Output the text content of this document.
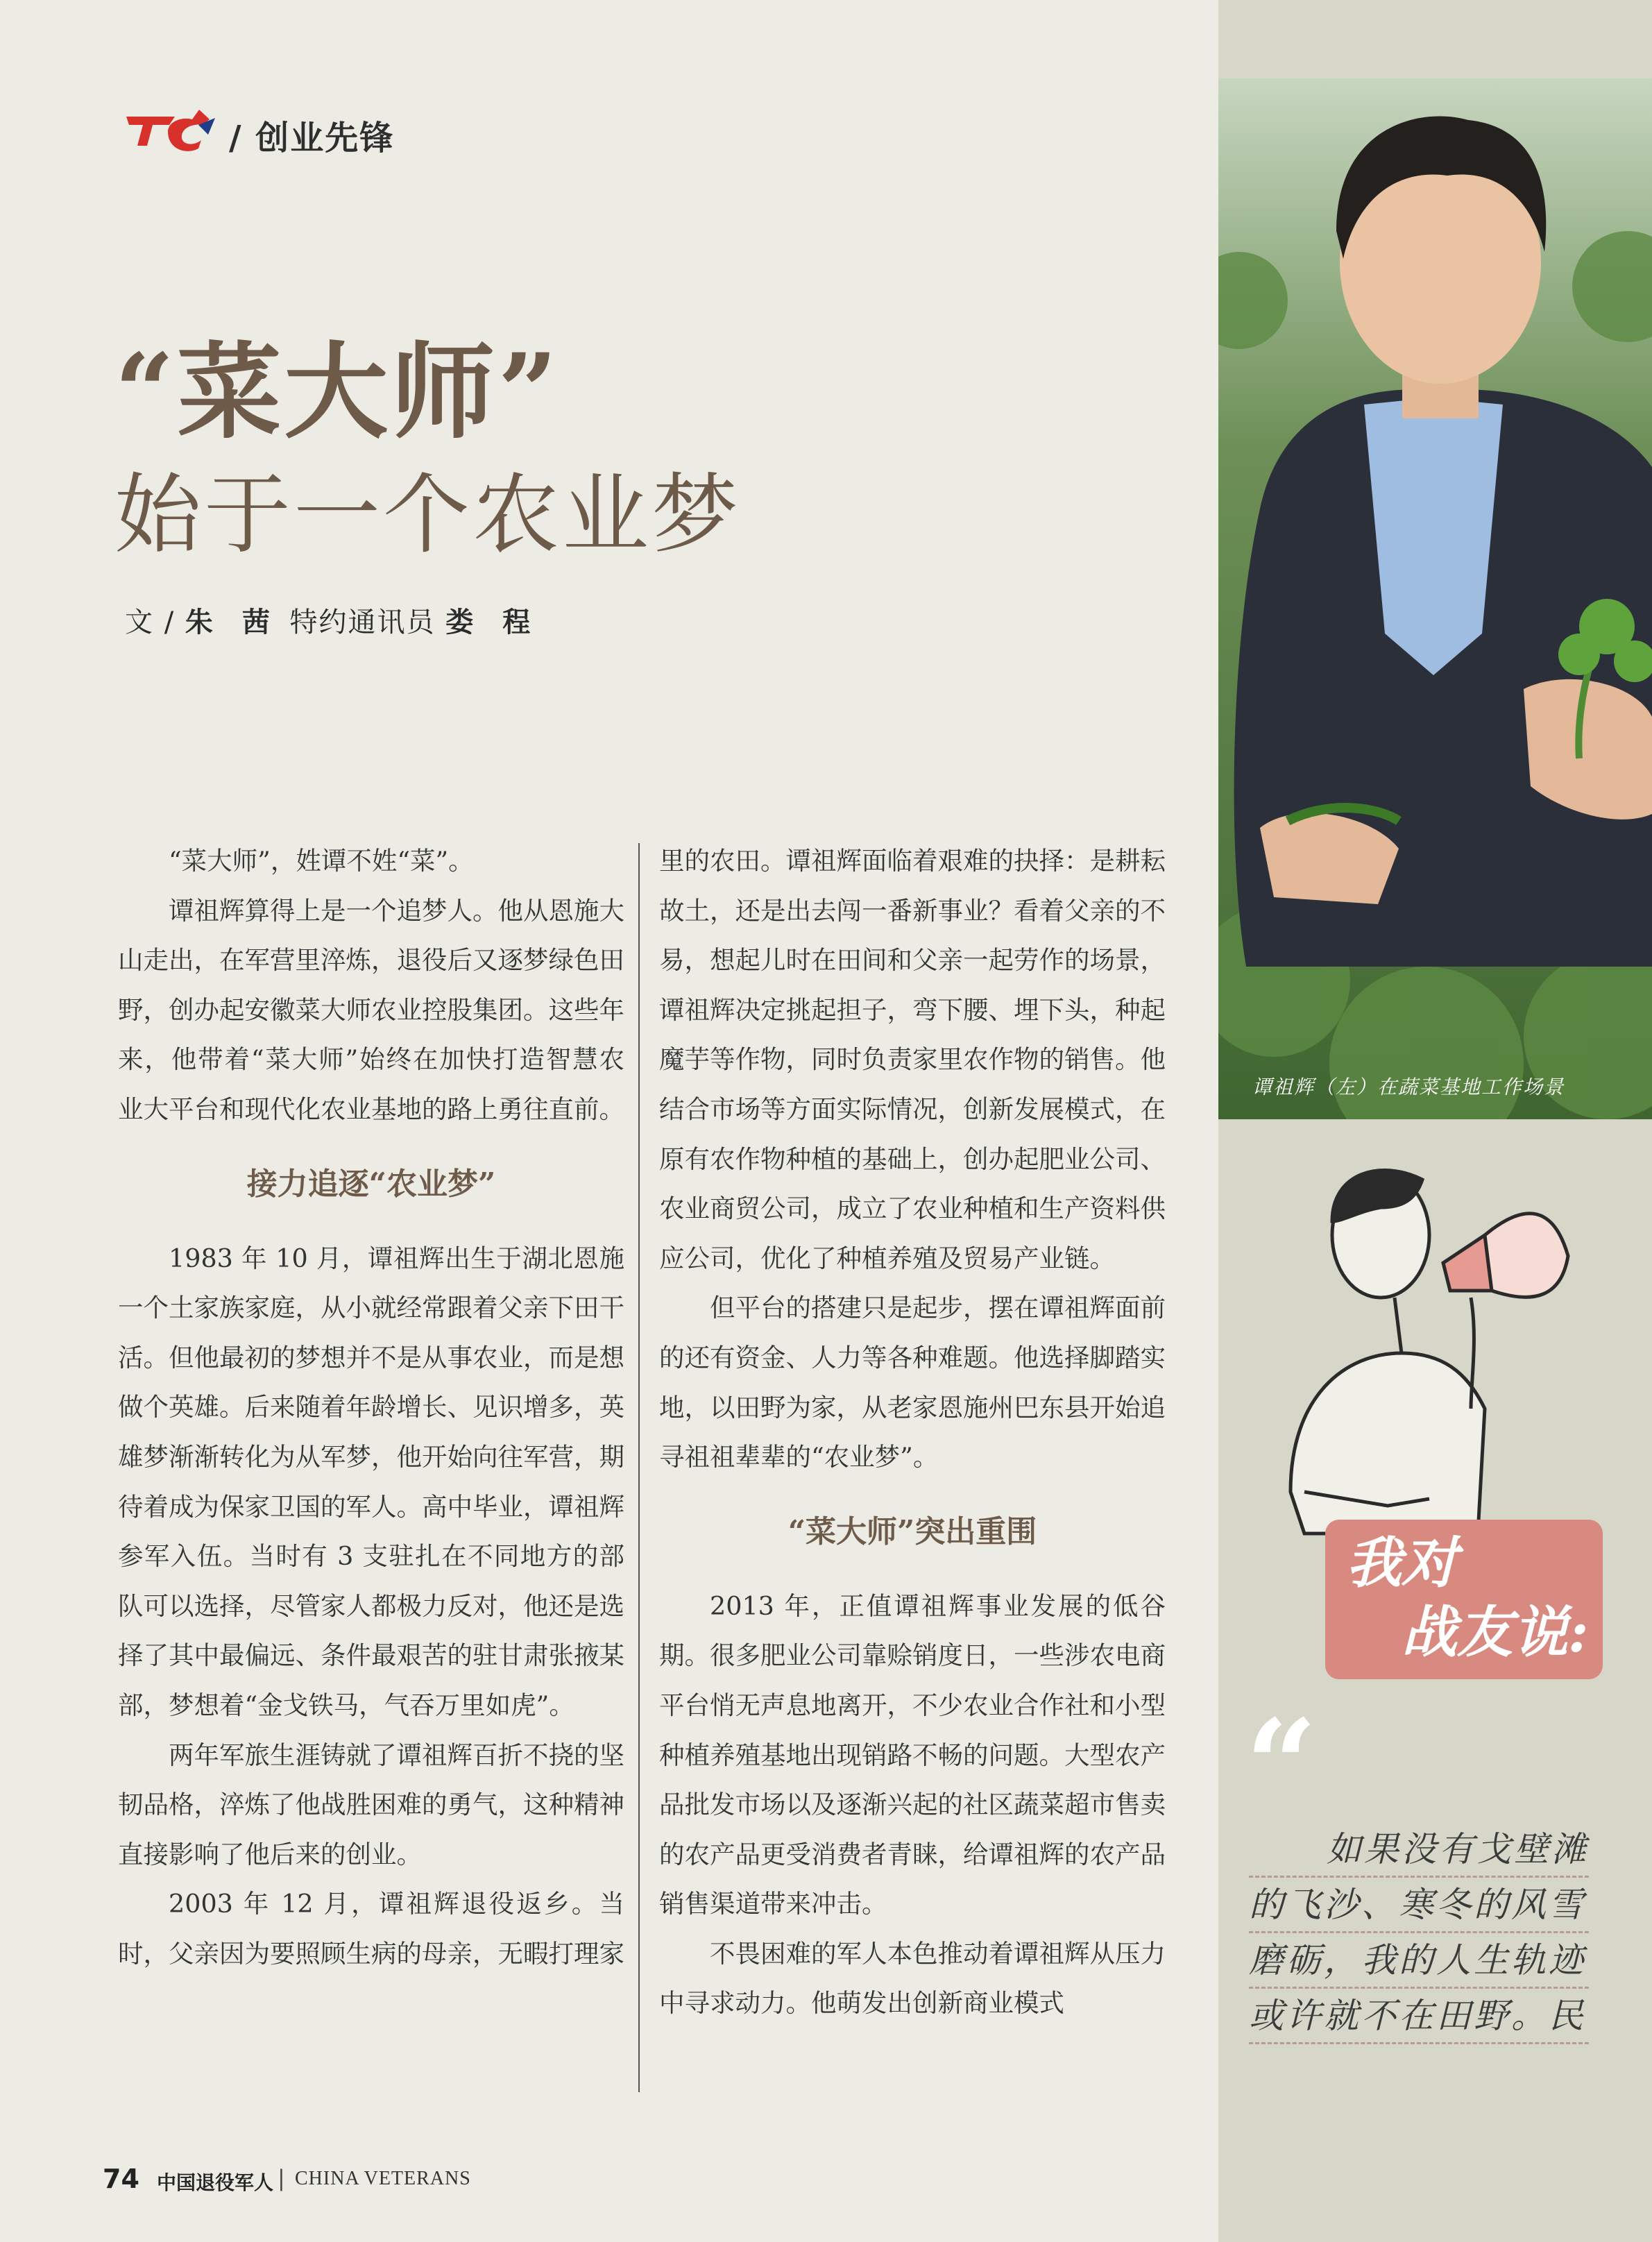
/ 创业先锋
“菜大师”
始于一个农业梦
文 / 朱 茜 特约通讯员 娄 程

“菜大师”，姓谭不姓“菜”。

谭祖辉算得上是一个追梦人。他从恩施大山走出，在军营里淬炼，退役后又逐梦绿色田野，创办起安徽菜大师农业控股集团。这些年来，他带着“菜大师”始终在加快打造智慧农业大平台和现代化农业基地的路上勇往直前。

接力追逐“农业梦”

1983 年 10 月，谭祖辉出生于湖北恩施一个土家族家庭，从小就经常跟着父亲下田干活。但他最初的梦想并不是从事农业，而是想做个英雄。后来随着年龄增长、见识增多，英雄梦渐渐转化为从军梦，他开始向往军营，期待着成为保家卫国的军人。高中毕业，谭祖辉参军入伍。当时有 3 支驻扎在不同地方的部队可以选择，尽管家人都极力反对，他还是选择了其中最偏远、条件最艰苦的驻甘肃张掖某部，梦想着“金戈铁马，气吞万里如虎”。

两年军旅生涯铸就了谭祖辉百折不挠的坚韧品格，淬炼了他战胜困难的勇气，这种精神直接影响了他后来的创业。

2003 年 12 月，谭祖辉退役返乡。当时，父亲因为要照顾生病的母亲，无暇打理家

里的农田。谭祖辉面临着艰难的抉择：是耕耘故土，还是出去闯一番新事业？看着父亲的不易，想起儿时在田间和父亲一起劳作的场景，谭祖辉决定挑起担子，弯下腰、埋下头，种起魔芋等作物，同时负责家里农作物的销售。他结合市场等方面实际情况，创新发展模式，在原有农作物种植的基础上，创办起肥业公司、农业商贸公司，成立了农业种植和生产资料供应公司，优化了种植养殖及贸易产业链。

但平台的搭建只是起步，摆在谭祖辉面前的还有资金、人力等各种难题。他选择脚踏实地，以田野为家，从老家恩施州巴东县开始追寻祖祖辈辈的“农业梦”。

“菜大师”突出重围

2013 年，正值谭祖辉事业发展的低谷期。很多肥业公司靠赊销度日，一些涉农电商平台悄无声息地离开，不少农业合作社和小型种植养殖基地出现销路不畅的问题。大型农产品批发市场以及逐渐兴起的社区蔬菜超市售卖的农产品更受消费者青睐，给谭祖辉的农产品销售渠道带来冲击。

不畏困难的军人本色推动着谭祖辉从压力中寻求动力。他萌发出创新商业模式

谭祖辉（左）在蔬菜基地工作场景
我对
战友说:
“
如果没有戈壁滩
的飞沙、寒冬的风雪
磨砺，我的人生轨迹
或许就不在田野。民
74 中国退役军人 | CHINA VETERANS
